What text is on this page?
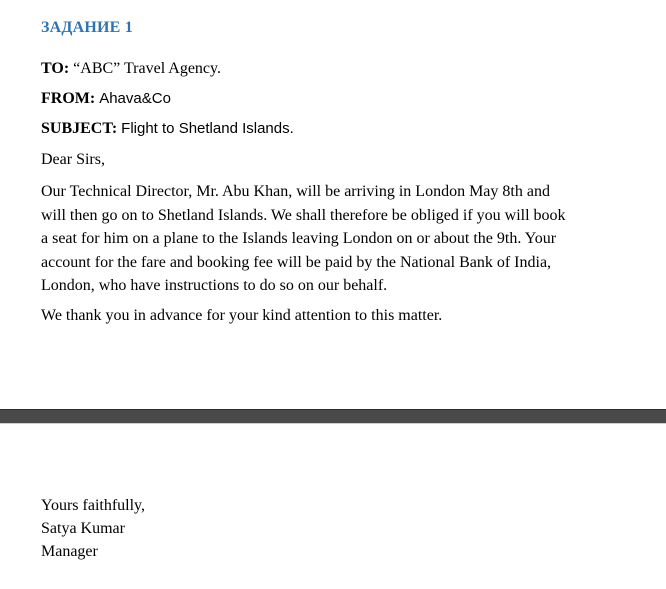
ЗАДАНИЕ 1
TO: “ABC” Travel Agency.
FROM: Ahava&Co
SUBJECT: Flight to Shetland Islands.
Dear Sirs,
Our Technical Director, Mr. Abu Khan, will be arriving in London May 8th and
will then go on to Shetland Islands. We shall therefore be obliged if you will book
a seat for him on a plane to the Islands leaving London on or about the 9th. Your
account for the fare and booking fee will be paid by the National Bank of India,
London, who have instructions to do so on our behalf.
We thank you in advance for your kind attention to this matter.
Yours faithfully,
Satya Kumar
Manager
